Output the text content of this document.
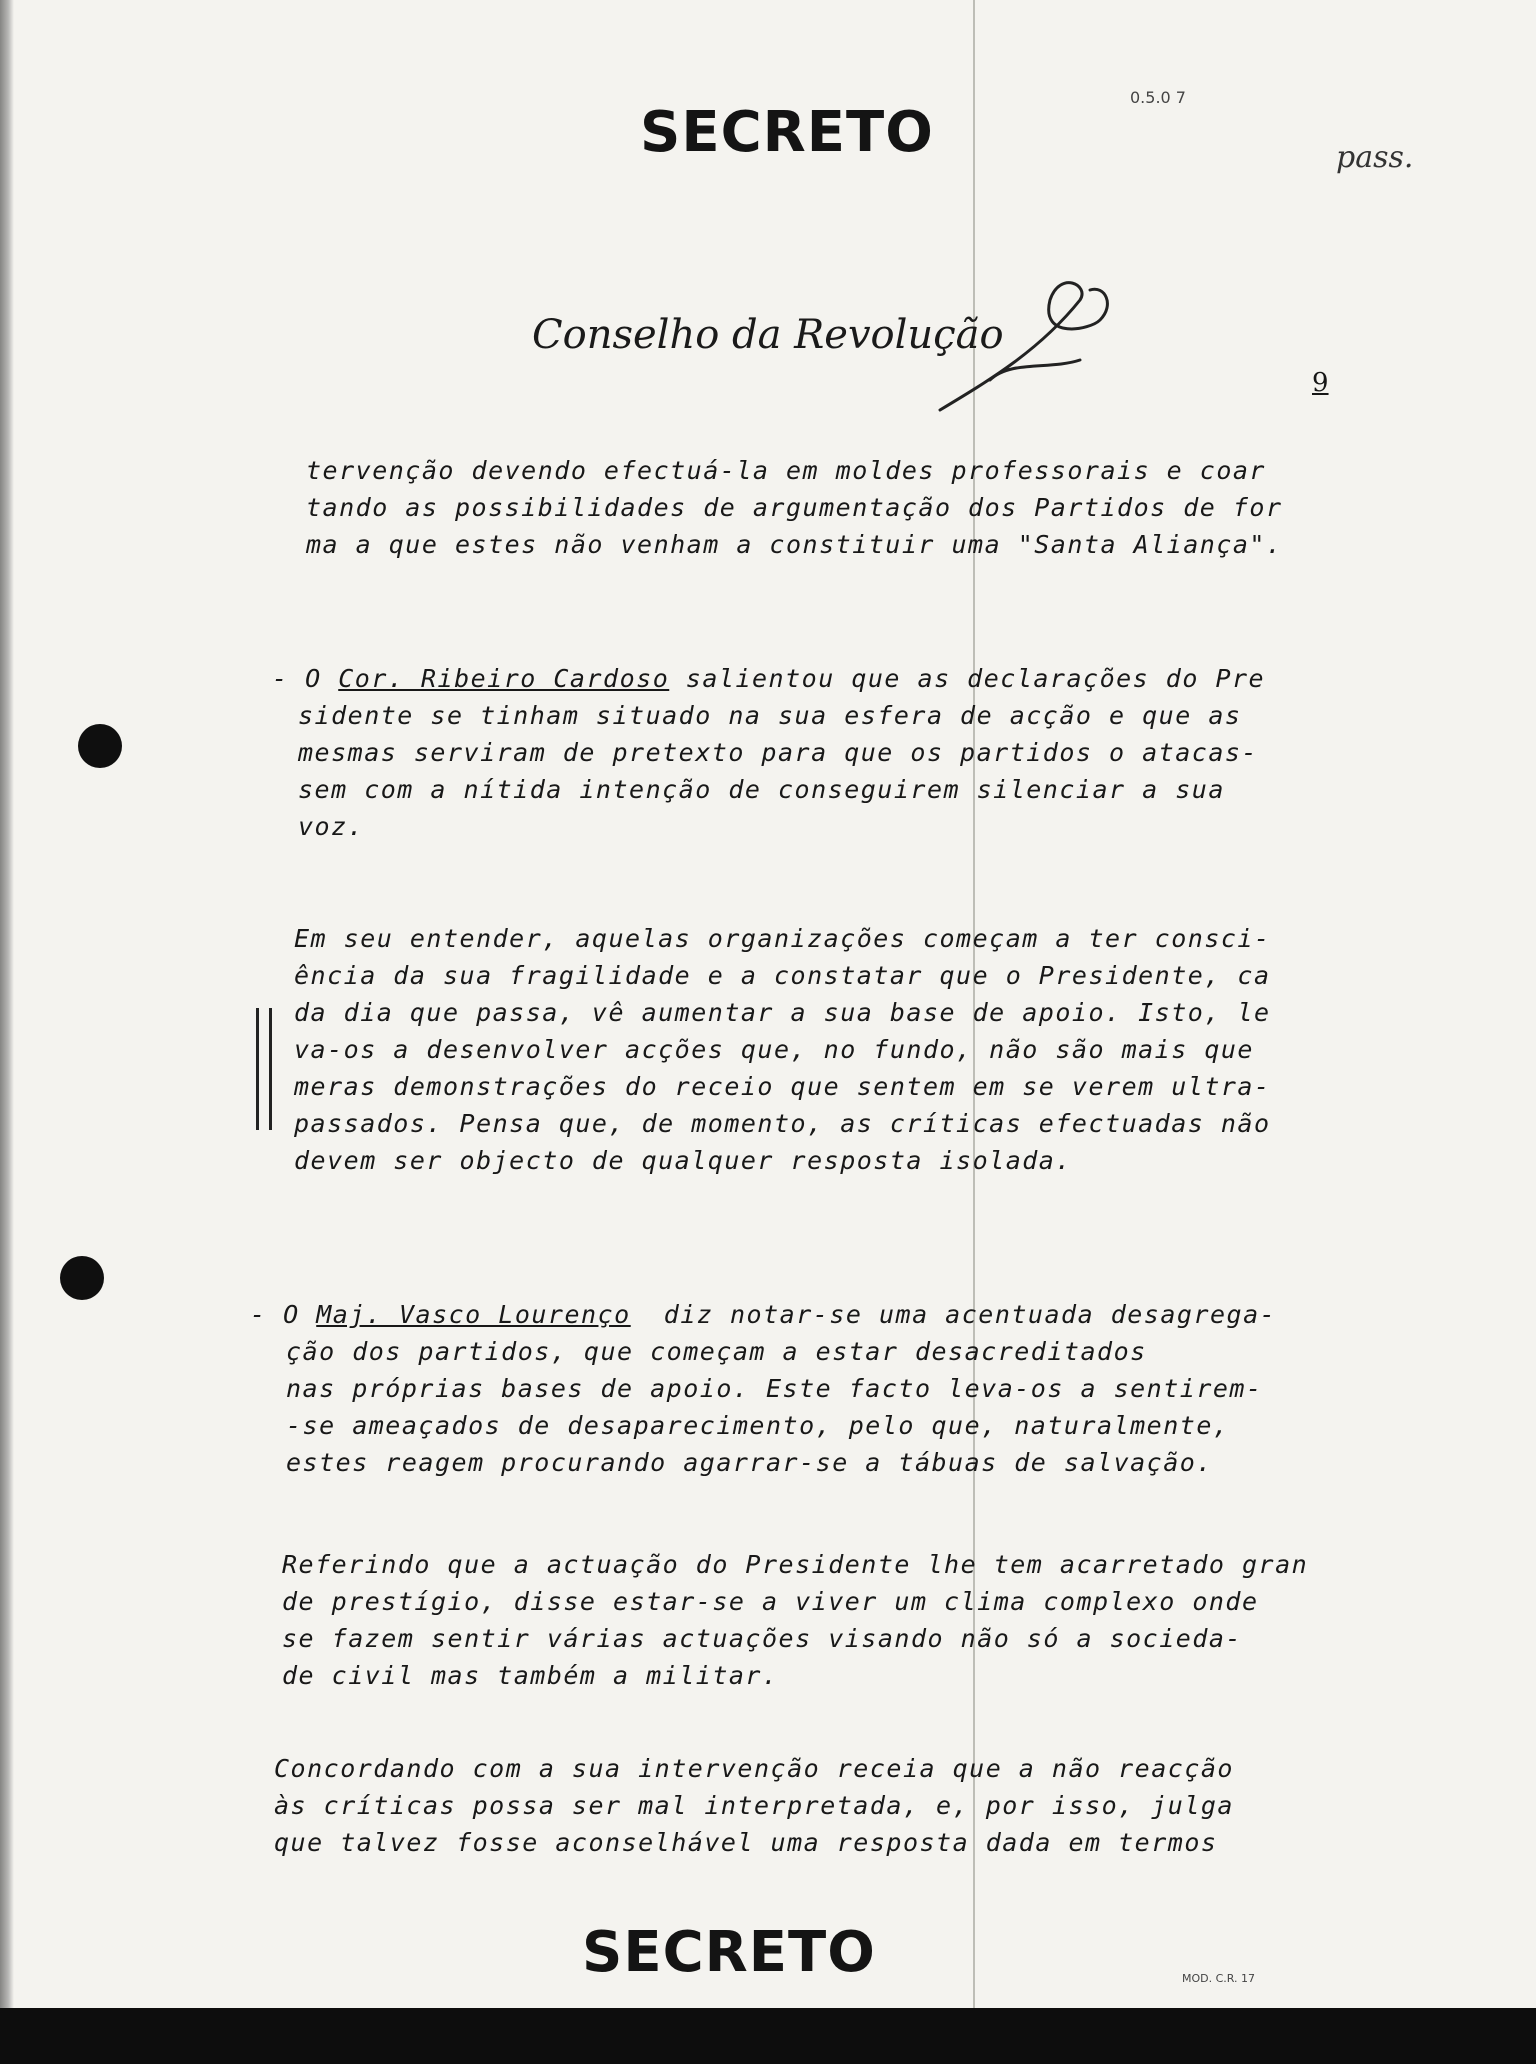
SECRETO
0.5.0 7
pass.
Conselho da Revolução
9
tervenção devendo efectuá-la em moldes professorais e coar
tando as possibilidades de argumentação dos Partidos de for
ma a que estes não venham a constituir uma "Santa Aliança".
- O Cor. Ribeiro Cardoso salientou que as declarações do Pre
sidente se tinham situado na sua esfera de acção e que as
mesmas serviram de pretexto para que os partidos o atacas-
sem com a nítida intenção de conseguirem silenciar a sua
voz.
Em seu entender, aquelas organizações começam a ter consci-
ência da sua fragilidade e a constatar que o Presidente, ca
da dia que passa, vê aumentar a sua base de apoio. Isto, le
va-os a desenvolver acções que, no fundo, não são mais que
meras demonstrações do receio que sentem em se verem ultra-
passados. Pensa que, de momento, as críticas efectuadas não
devem ser objecto de qualquer resposta isolada.
- O Maj. Vasco Lourenço  diz notar-se uma acentuada desagrega-
ção dos partidos, que começam a estar desacreditados
nas próprias bases de apoio. Este facto leva-os a sentirem-
-se ameaçados de desaparecimento, pelo que, naturalmente,
estes reagem procurando agarrar-se a tábuas de salvação.
Referindo que a actuação do Presidente lhe tem acarretado gran
de prestígio, disse estar-se a viver um clima complexo onde
se fazem sentir várias actuações visando não só a socieda-
de civil mas também a militar.
Concordando com a sua intervenção receia que a não reacção
às críticas possa ser mal interpretada, e, por isso, julga
que talvez fosse aconselhável uma resposta dada em termos
SECRETO	MOD. C.R. 17
